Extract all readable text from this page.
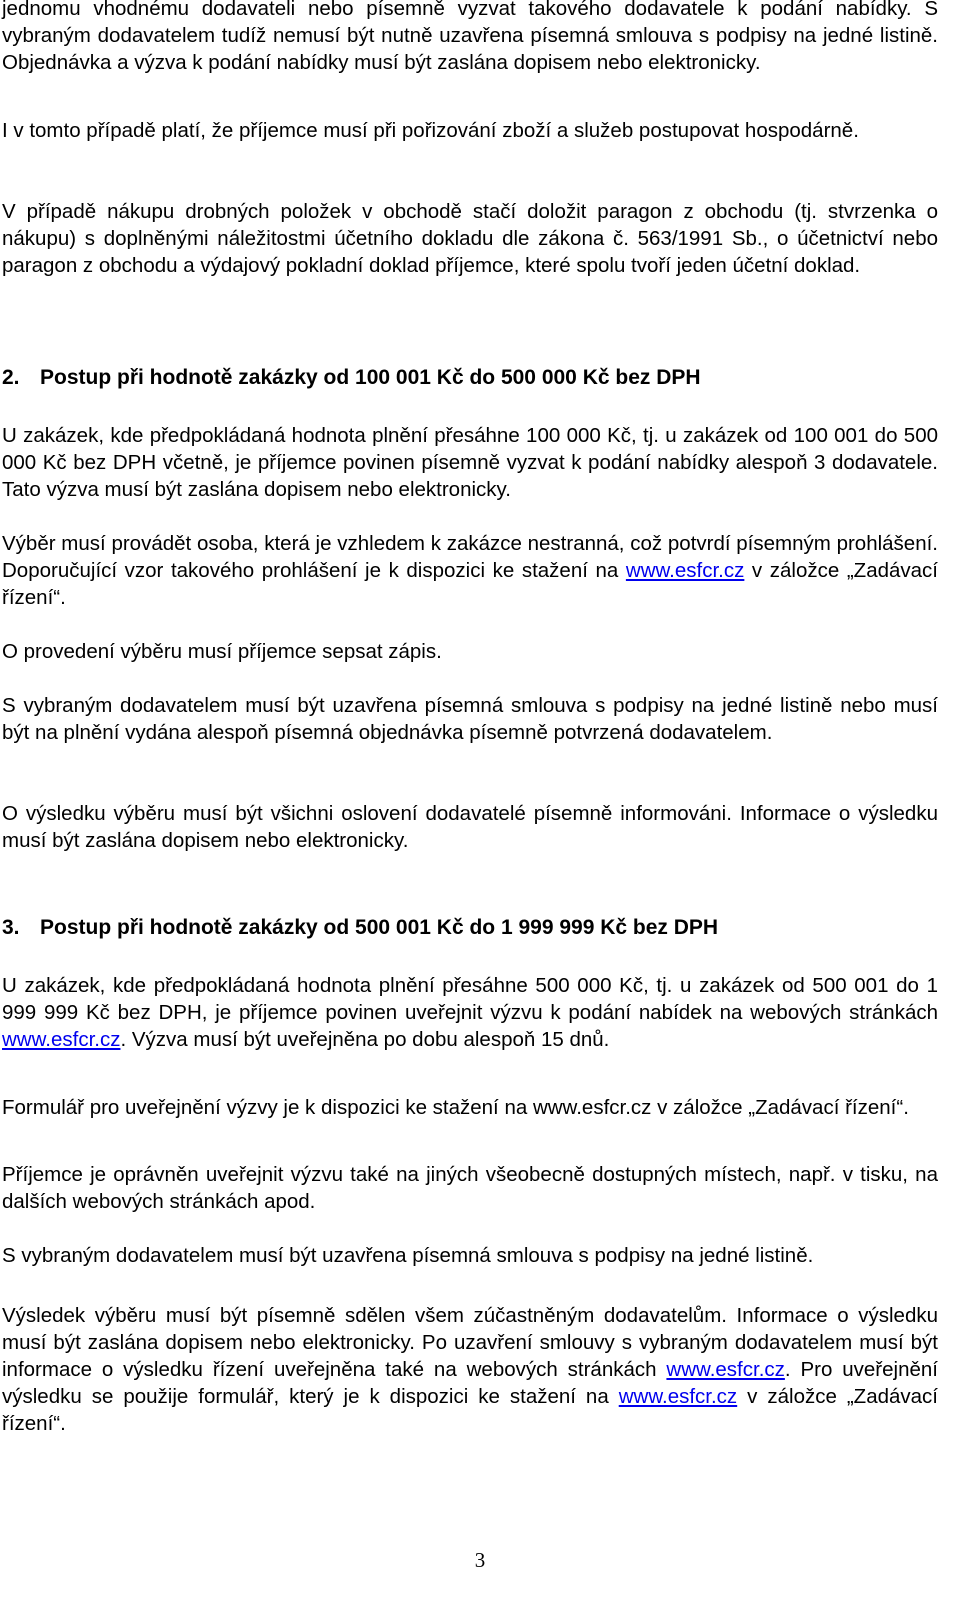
jednomu vhodnému dodavateli nebo písemně vyzvat takového dodavatele k podání nabídky. S vybraným dodavatelem tudíž nemusí být nutně uzavřena písemná smlouva s podpisy na jedné listině. Objednávka a výzva k podání nabídky musí být zaslána dopisem nebo elektronicky.

I v tomto případě platí, že příjemce musí při pořizování zboží a služeb postupovat hospodárně.

V případě nákupu drobných položek v obchodě stačí doložit paragon z obchodu (tj. stvrzenka o nákupu) s doplněnými náležitostmi účetního dokladu dle zákona č. 563/1991 Sb., o účetnictví nebo paragon z obchodu a výdajový pokladní doklad příjemce, které spolu tvoří jeden účetní doklad.

2. Postup při hodnotě zakázky od 100 001 Kč do 500 000 Kč bez DPH

U zakázek, kde předpokládaná hodnota plnění přesáhne 100 000 Kč, tj. u zakázek od 100 001 do 500 000 Kč bez DPH včetně, je příjemce povinen písemně vyzvat k podání nabídky alespoň 3 dodavatele. Tato výzva musí být zaslána dopisem nebo elektronicky.

Výběr musí provádět osoba, která je vzhledem k zakázce nestranná, což potvrdí písemným prohlášení. Doporučující vzor takového prohlášení je k dispozici ke stažení na www.esfcr.cz v záložce „Zadávací řízení“.

O provedení výběru musí příjemce sepsat zápis.

S vybraným dodavatelem musí být uzavřena písemná smlouva s podpisy na jedné listině nebo musí být na plnění vydána alespoň písemná objednávka písemně potvrzená dodavatelem.

O výsledku výběru musí být všichni oslovení dodavatelé písemně informováni. Informace o výsledku musí být zaslána dopisem nebo elektronicky.

3. Postup při hodnotě zakázky od 500 001 Kč do 1 999 999 Kč bez DPH

U zakázek, kde předpokládaná hodnota plnění přesáhne 500 000 Kč, tj. u zakázek od 500 001 do 1 999 999 Kč bez DPH, je příjemce povinen uveřejnit výzvu k podání nabídek na webových stránkách www.esfcr.cz. Výzva musí být uveřejněna po dobu alespoň 15 dnů.

Formulář pro uveřejnění výzvy je k dispozici ke stažení na www.esfcr.cz v záložce „Zadávací řízení“.

Příjemce je oprávněn uveřejnit výzvu také na jiných všeobecně dostupných místech, např. v tisku, na dalších webových stránkách apod.

S vybraným dodavatelem musí být uzavřena písemná smlouva s podpisy na jedné listině.

Výsledek výběru musí být písemně sdělen všem zúčastněným dodavatelům. Informace o výsledku musí být zaslána dopisem nebo elektronicky. Po uzavření smlouvy s vybraným dodavatelem musí být informace o výsledku řízení uveřejněna také na webových stránkách www.esfcr.cz. Pro uveřejnění výsledku se použije formulář, který je k dispozici ke stažení na www.esfcr.cz v záložce „Zadávací řízení“.

3
